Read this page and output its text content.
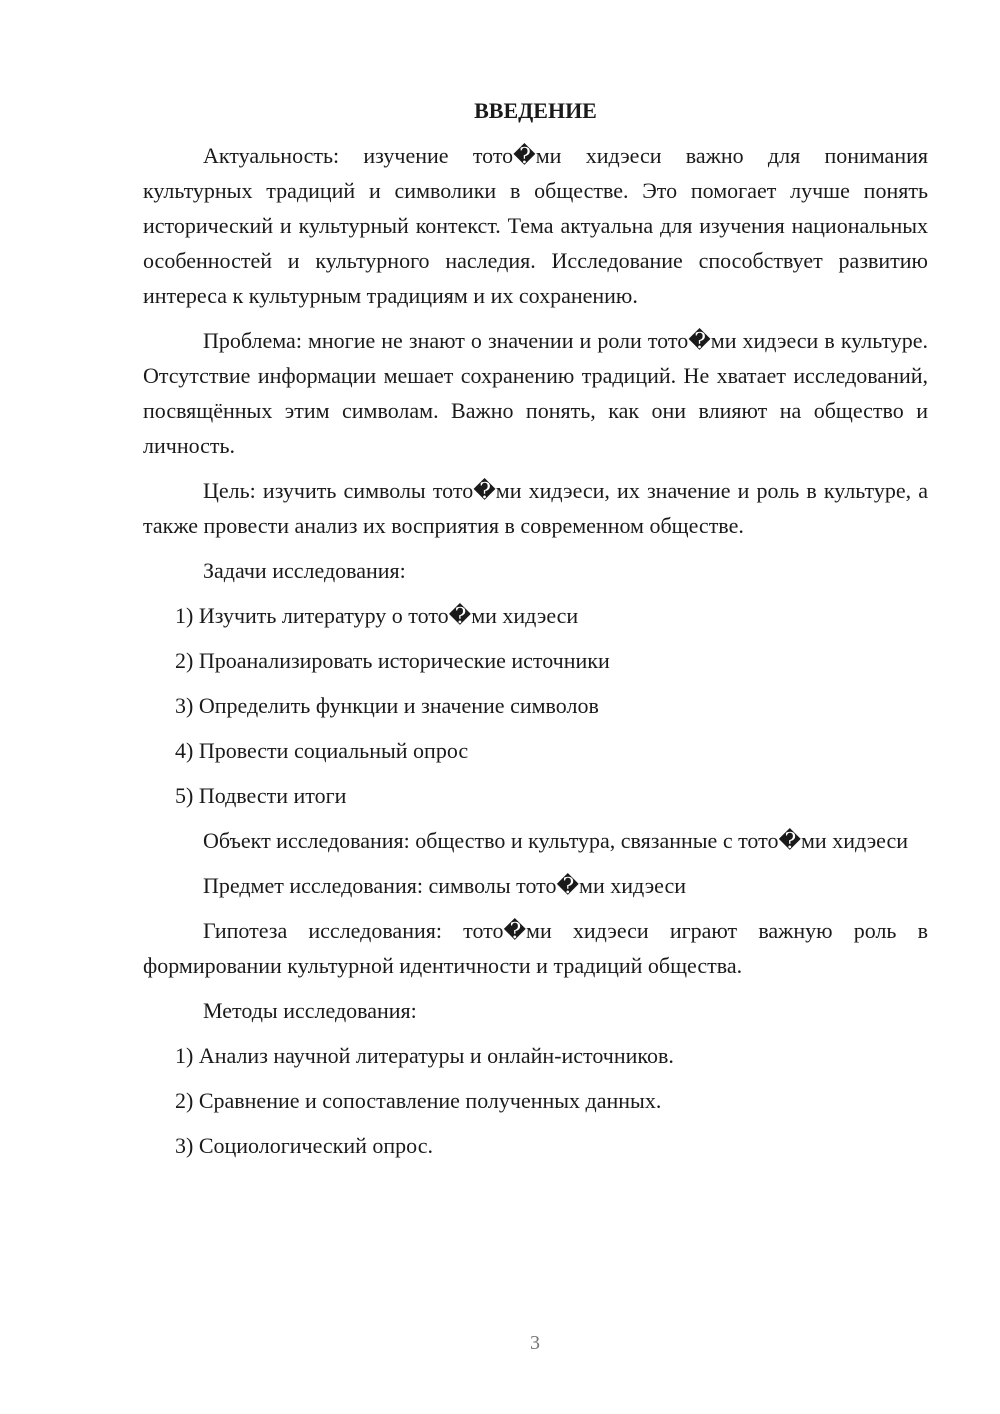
ВВЕДЕНИЕ
Актуальность: изучение тото�ми хидэеси важно для понимания культурных традиций и символики в обществе. Это помогает лучше понять исторический и культурный контекст. Тема актуальна для изучения национальных особенностей и культурного наследия. Исследование способствует развитию интереса к культурным традициям и их сохранению.
Проблема: многие не знают о значении и роли тото�ми хидэеси в культуре. Отсутствие информации мешает сохранению традиций. Не хватает исследований, посвящённых этим символам. Важно понять, как они влияют на общество и личность.
Цель: изучить символы тото�ми хидэеси, их значение и роль в культуре, а также провести анализ их восприятия в современном обществе.
Задачи исследования:
1) Изучить литературу о тото�ми хидэеси
2) Проанализировать исторические источники
3) Определить функции и значение символов
4) Провести социальный опрос
5) Подвести итоги
Объект исследования: общество и культура, связанные с тото�ми хидэеси
Предмет исследования: символы тото�ми хидэеси
Гипотеза исследования: тото�ми хидэеси играют важную роль в формировании культурной идентичности и традиций общества.
Методы исследования:
1) Анализ научной литературы и онлайн-источников.
2) Сравнение и сопоставление полученных данных.
3) Социологический опрос.
3
